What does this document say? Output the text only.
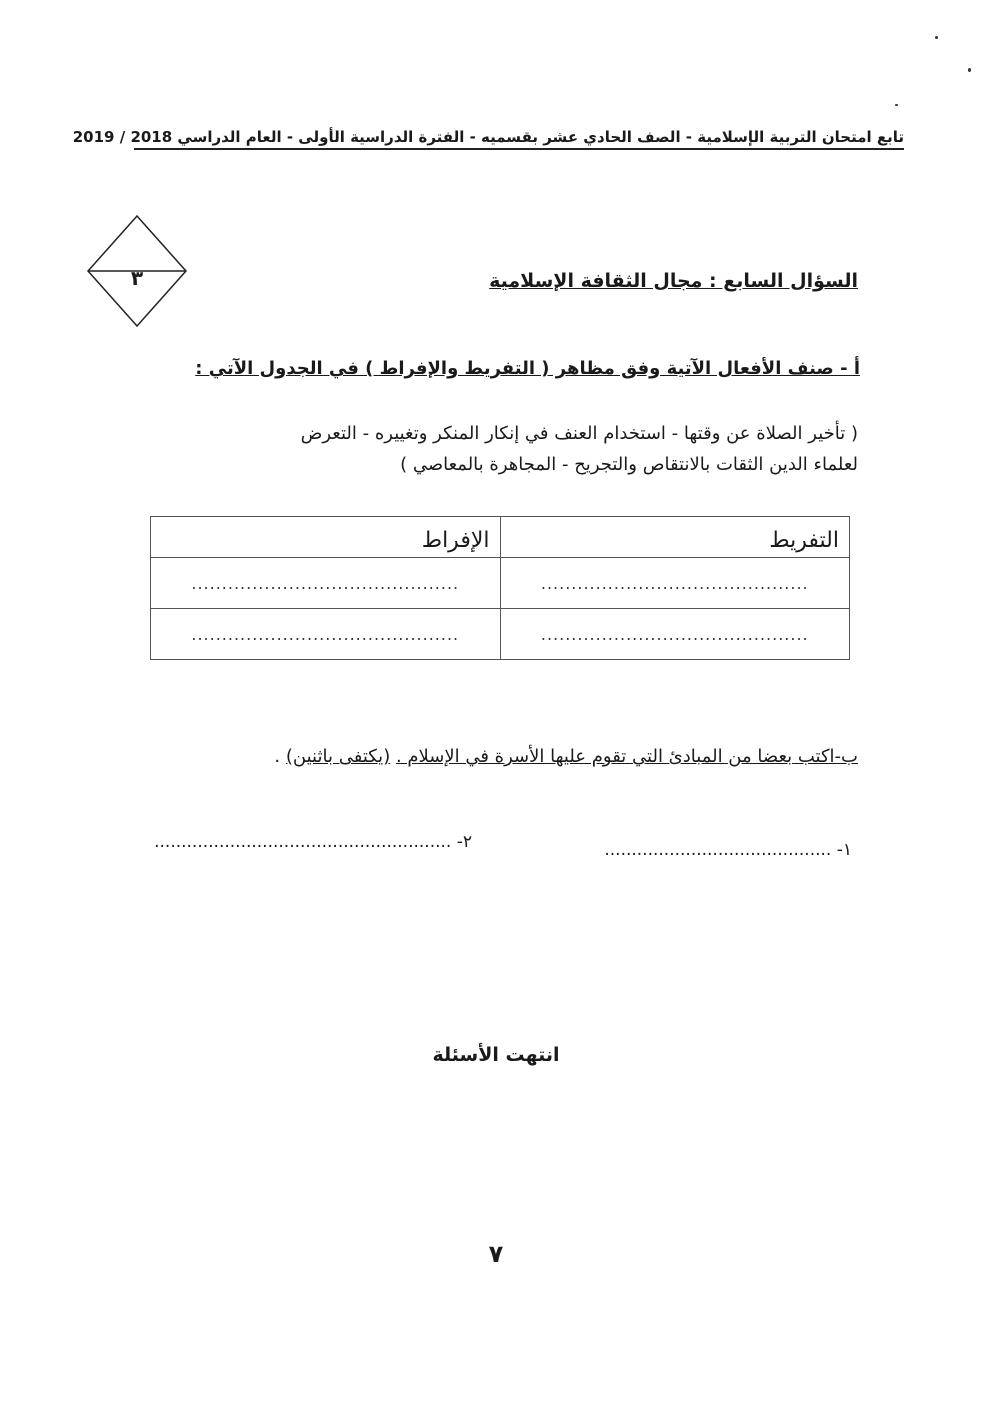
تابع امتحان التربية الإسلامية - الصف الحادي عشر بقسميه - الفترة الدراسية الأولى - العام الدراسي 2018 / 2019
٣	السؤال السابع : مجال الثقافة الإسلامية
أ - صنف الأفعال الآتية وفق مظاهر ( التفريط والإفراط ) في الجدول الآتي :
( تأخير الصلاة عن وقتها - استخدام العنف في إنكار المنكر وتغييره - التعرض
لعلماء الدين الثقات بالانتقاص والتجريح - المجاهرة بالمعاصي )
التفريط	الإفراط
............................................	............................................
............................................	............................................
ب-اكتب بعضا من المبادئ التي تقوم عليها الأسرة في الإسلام . (يكتفى باثنين) .
١- ..........................................
٢- .......................................................
انتهت الأسئلة
٧
